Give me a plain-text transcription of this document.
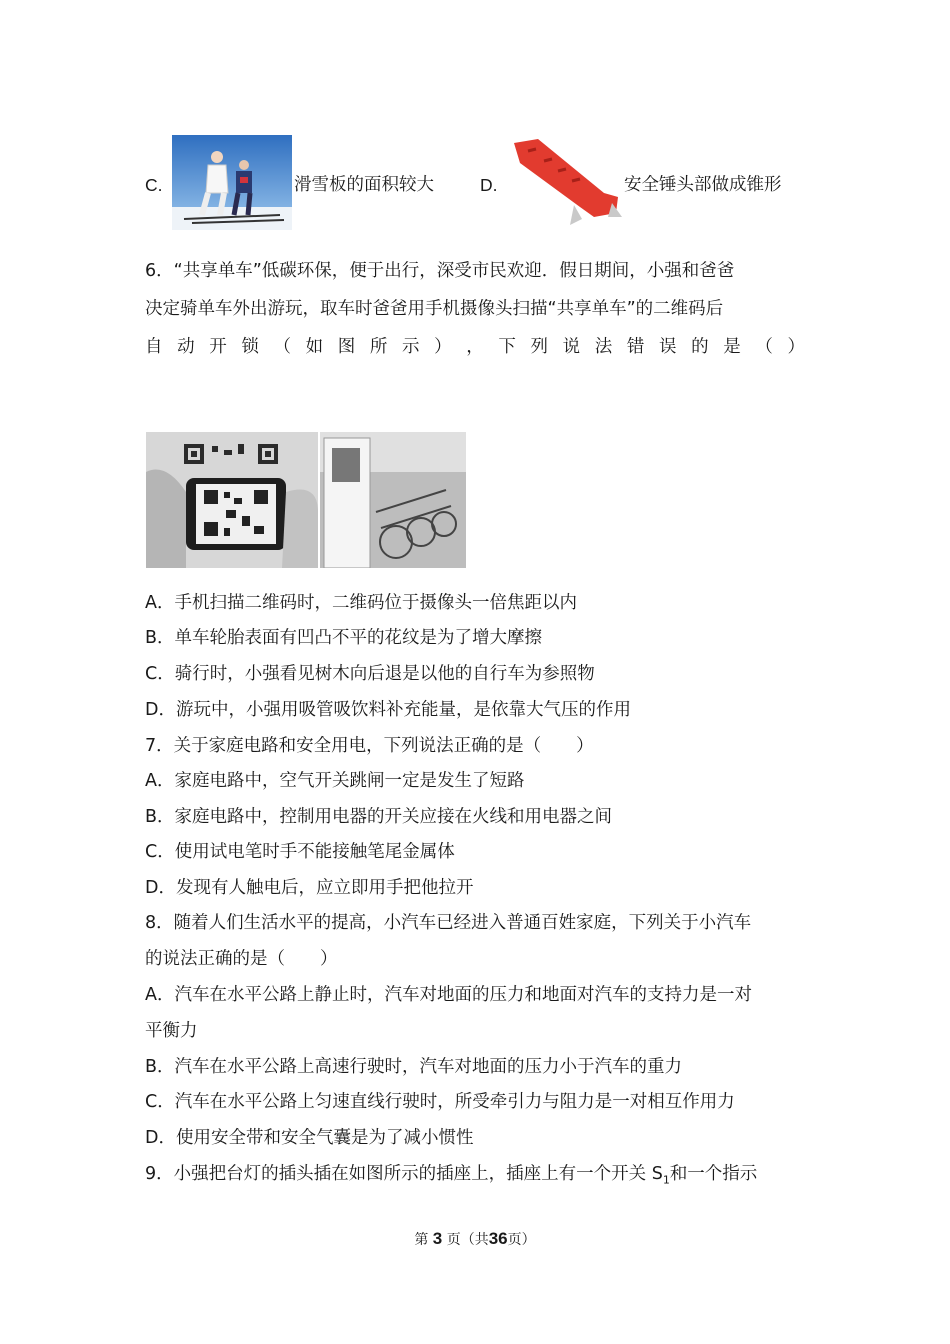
C.	滑雪板的面积较大	D.	安全锤头部做成锥形
6．“共享单车”低碳环保，便于出行，深受市民欢迎．假日期间，小强和爸爸
决定骑单车外出游玩，取车时爸爸用手机摄像头扫描“共享单车”的二维码后
自 动 开 锁 （ 如 图 所 示 ） ， 下 列 说 法 错 误 的 是 （ ）
A．手机扫描二维码时，二维码位于摄像头一倍焦距以内
B．单车轮胎表面有凹凸不平的花纹是为了增大摩擦
C．骑行时，小强看见树木向后退是以他的自行车为参照物
D．游玩中，小强用吸管吸饮料补充能量，是依靠大气压的作用
7．关于家庭电路和安全用电，下列说法正确的是（　　）
A．家庭电路中，空气开关跳闸一定是发生了短路
B．家庭电路中，控制用电器的开关应接在火线和用电器之间
C．使用试电笔时手不能接触笔尾金属体
D．发现有人触电后，应立即用手把他拉开
8．随着人们生活水平的提高，小汽车已经进入普通百姓家庭，下列关于小汽车
的说法正确的是（　　）
A．汽车在水平公路上静止时，汽车对地面的压力和地面对汽车的支持力是一对
平衡力
B．汽车在水平公路上高速行驶时，汽车对地面的压力小于汽车的重力
C．汽车在水平公路上匀速直线行驶时，所受牵引力与阻力是一对相互作用力
D．使用安全带和安全气囊是为了减小惯性
9．小强把台灯的插头插在如图所示的插座上，插座上有一个开关 $S_1$和一个指示
第 3 页（共36页）
